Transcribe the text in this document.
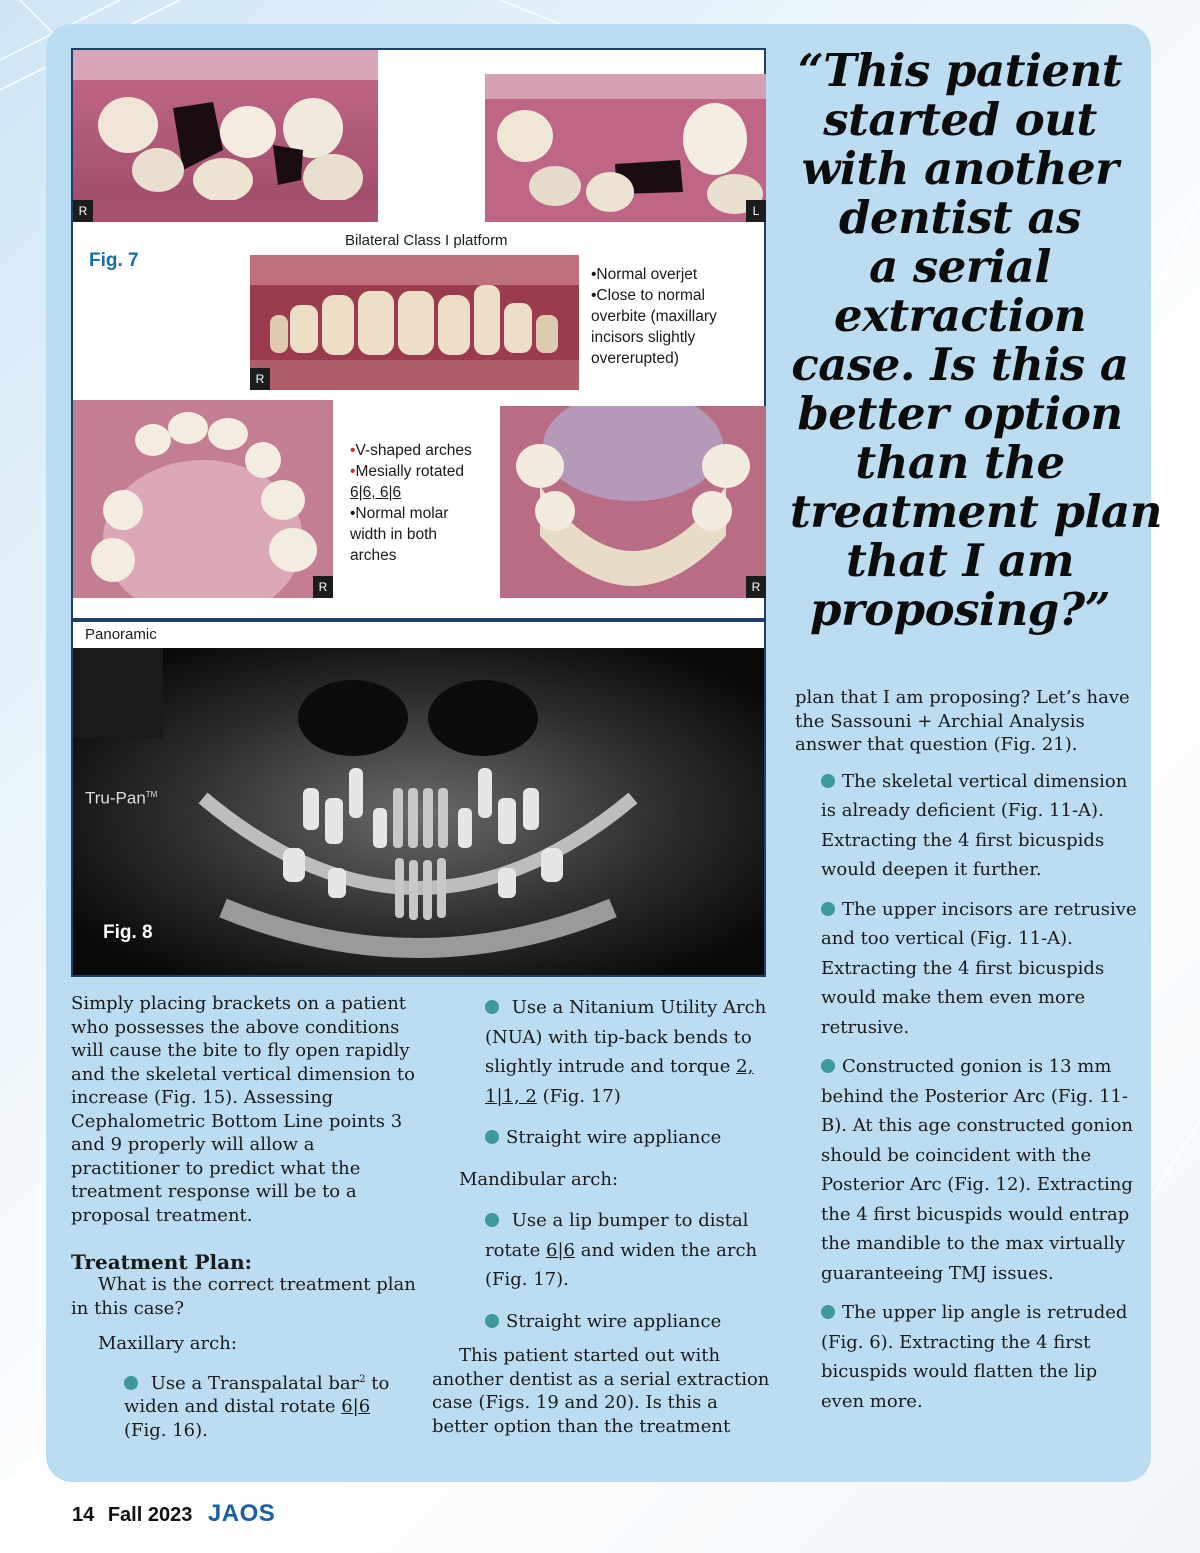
R	L
Fig. 7
Bilateral Class I platform
R
•Normal overjet
•Close to normal
overbite (maxillary
incisors slightly
overerupted)
R
•V-shaped arches
•Mesially rotated
6|6, 6|6
•Normal molar
width in both
arches
R
Panoramic
Fig. 8
Tru-Pan™
“This patient
started out
with another
dentist as
a serial
extraction
case. Is this a
better option
than the
treatment plan
that I am
proposing?”

Simply placing brackets on a patient who possesses the above conditions will cause the bite to fly open rapidly and the skeletal vertical dimension to increase (Fig. 15). Assessing Cephalometric Bottom Line points 3 and 9 properly will allow a practitioner to predict what the treatment response will be to a proposal treatment.

Treatment Plan:

What is the correct treatment plan in this case?

Maxillary arch:

Use a Transpalatal bar$^2$ to widen and distal rotate 6|6 (Fig. 16).

Use a Nitanium Utility Arch (NUA) with tip-back bends to slightly intrude and torque 2, 1|1, 2 (Fig. 17)

Straight wire appliance

Mandibular arch:

Use a lip bumper to distal rotate 6|6 and widen the arch (Fig. 17).

Straight wire appliance

This patient started out with another dentist as a serial extraction case (Figs. 19 and 20). Is this a better option than the treatment

plan that I am proposing? Let’s have the Sassouni + Archial Analysis answer that question (Fig. 21).

The skeletal vertical dimension is already deficient (Fig. 11-A). Extracting the 4 first bicuspids would deepen it further.

The upper incisors are retrusive and too vertical (Fig. 11-A). Extracting the 4 first bicuspids would make them even more retrusive.

Constructed gonion is 13 mm behind the Posterior Arc (Fig. 11-B). At this age constructed gonion should be coincident with the Posterior Arc (Fig. 12). Extracting the 4 first bicuspids would entrap the mandible to the max virtually guaranteeing TMJ issues.

The upper lip angle is retruded (Fig. 6). Extracting the 4 first bicuspids would flatten the lip even more.

14 Fall 2023 JAOS
